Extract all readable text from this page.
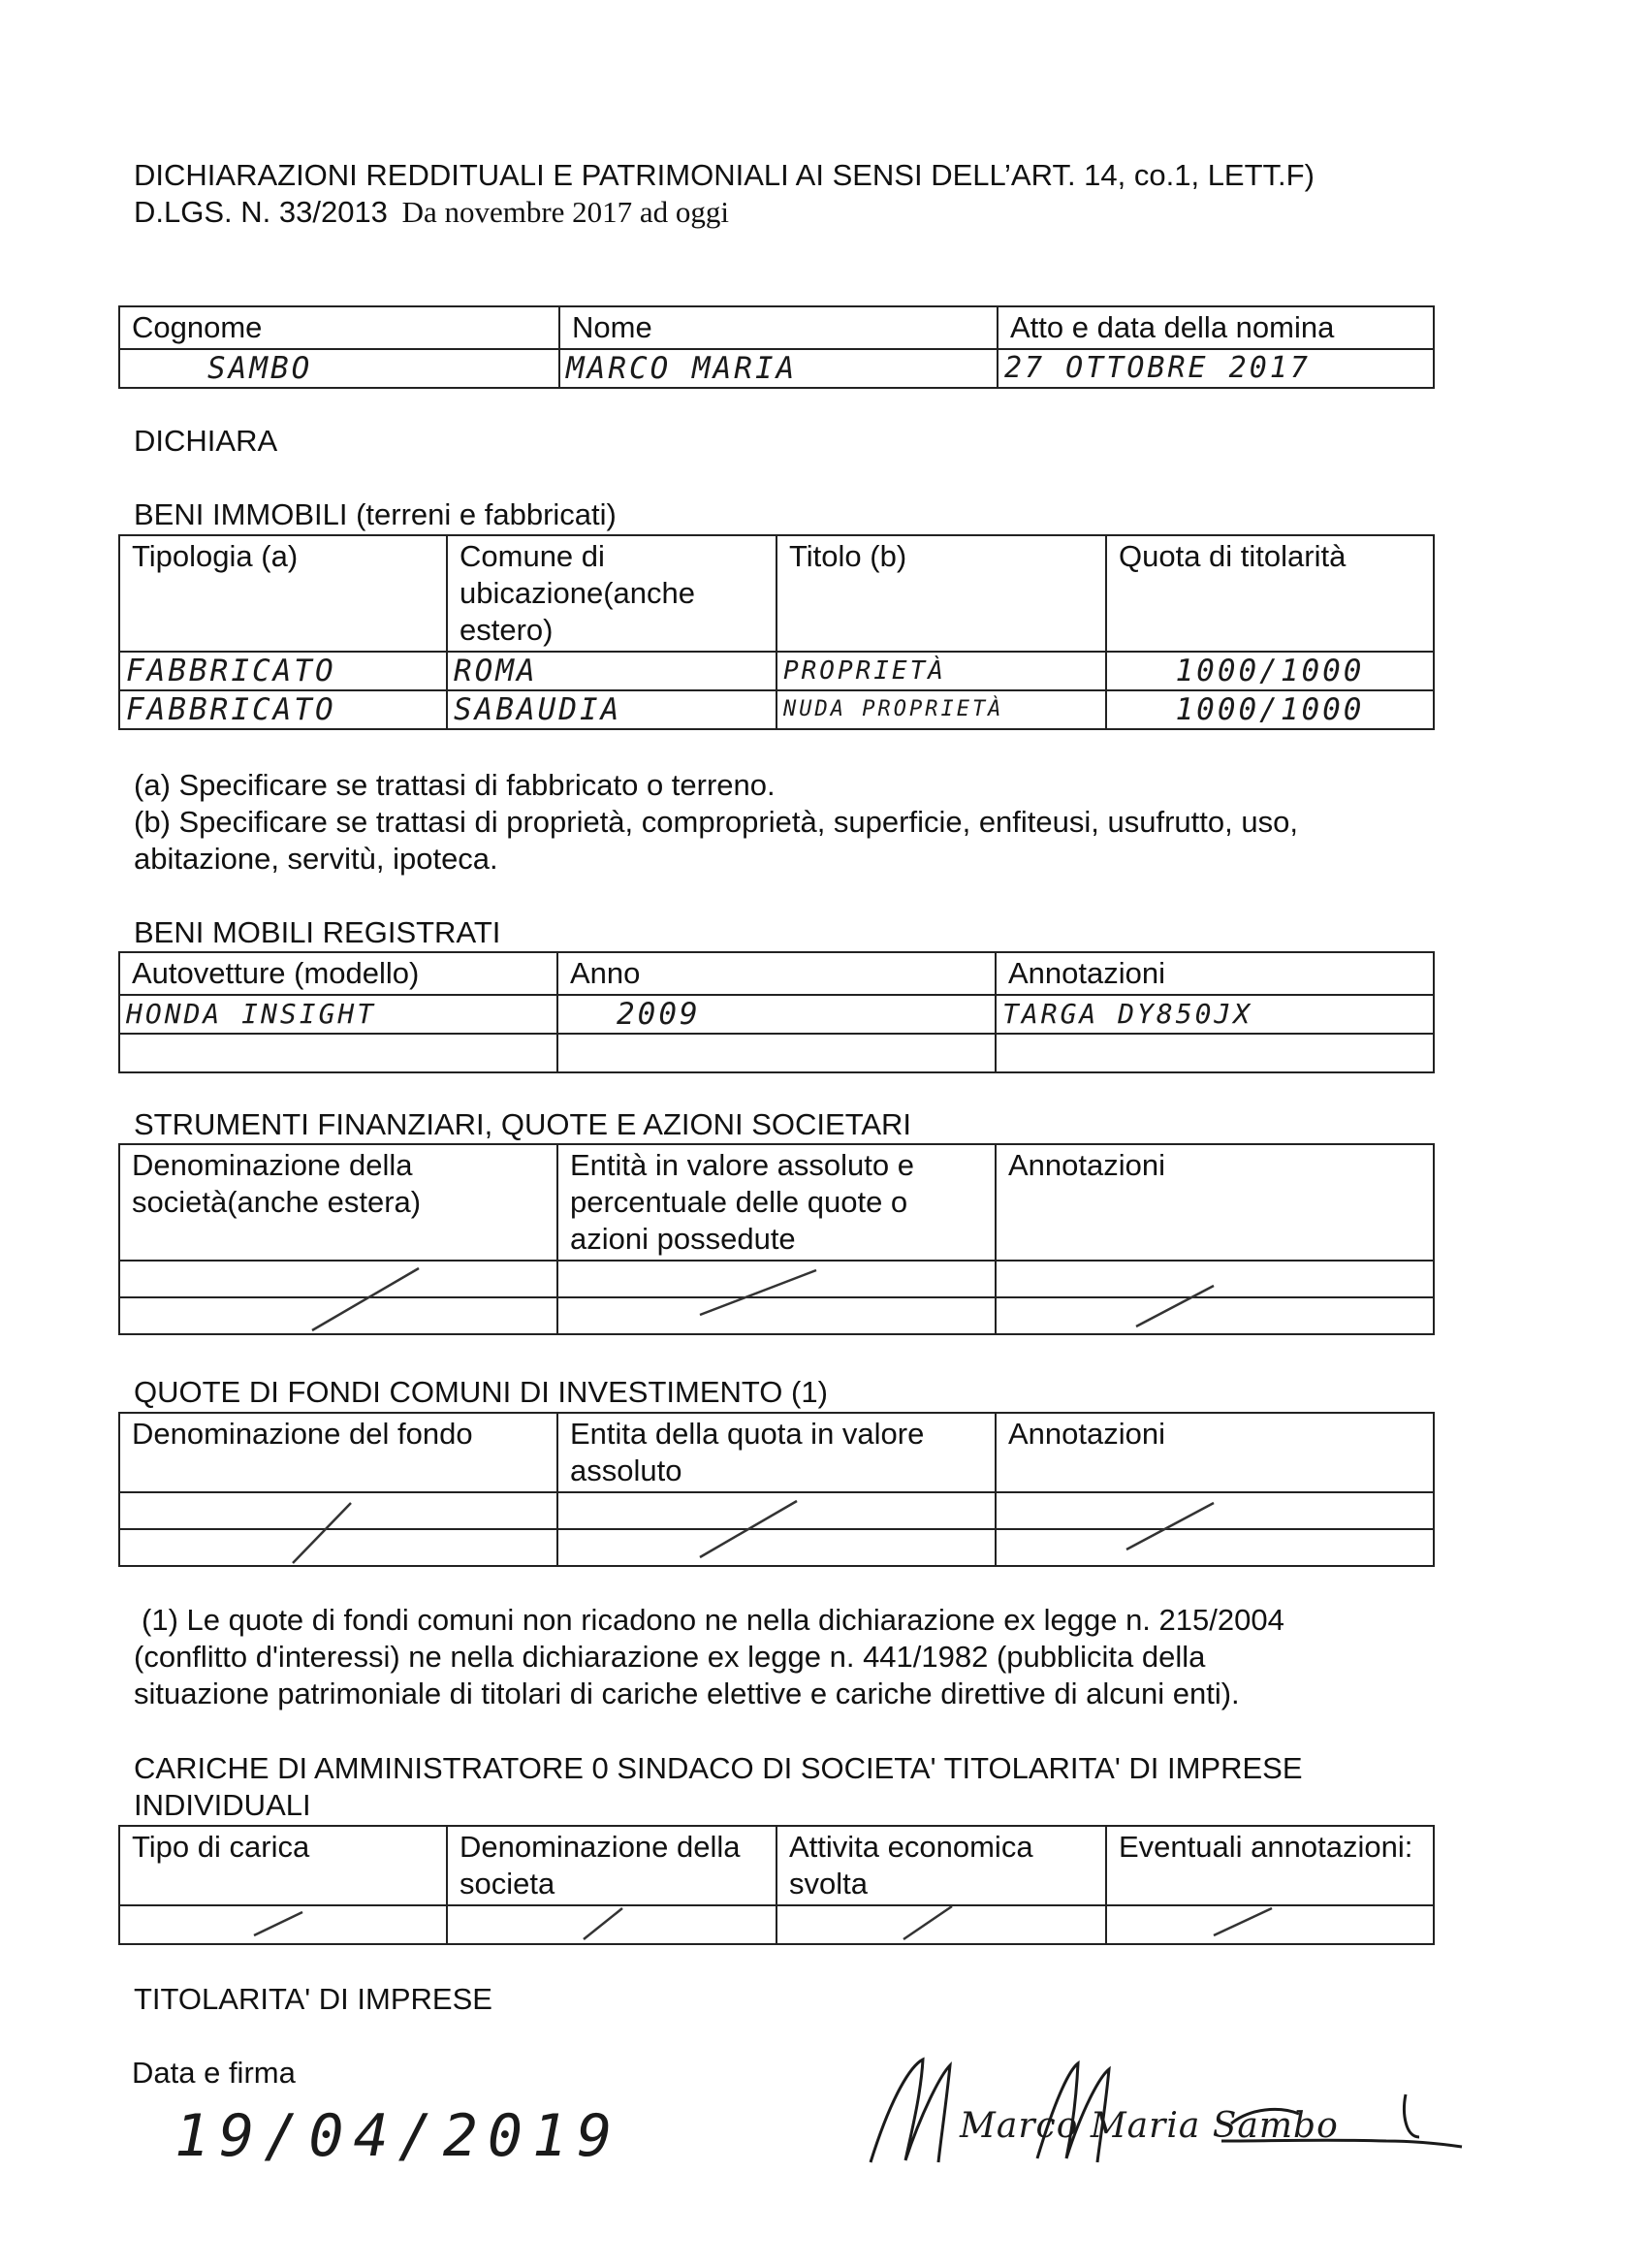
DICHIARAZIONI REDDITUALI E PATRIMONIALI AI SENSI DELL’ART. 14, co.1, LETT.F)
D.LGS. N. 33/2013 Da novembre 2017 ad oggi
Cognome	Nome	Atto e data della nomina
SAMBO	MARCO MARIA	27 OTTOBRE 2017
DICHIARA
BENI IMMOBILI (terreni e fabbricati)
Tipologia (a)	Comune di ubicazione(anche estero)	Titolo (b)	Quota di titolarità
FABBRICATO	ROMA	PROPRIETÀ	1000/1000
FABBRICATO	SABAUDIA	NUDA PROPRIETÀ	1000/1000
(a) Specificare se trattasi di fabbricato o terreno.
(b) Specificare se trattasi di proprietà, comproprietà, superficie, enfiteusi, usufrutto, uso,
abitazione, servitù, ipoteca.
BENI MOBILI REGISTRATI
Autovetture (modello)	Anno	Annotazioni
HONDA INSIGHT	2009	TARGA DY850JX

STRUMENTI FINANZIARI, QUOTE E AZIONI SOCIETARI
Denominazione della società(anche estera)	Entità in valore assoluto e percentuale delle quote o azioni possedute	Annotazioni

QUOTE DI FONDI COMUNI DI INVESTIMENTO (1)
Denominazione del fondo	Entita della quota in valore assoluto	Annotazioni

(1) Le quote di fondi comuni non ricadono ne nella dichiarazione ex legge n. 215/2004
(conflitto d'interessi) ne nella dichiarazione ex legge n. 441/1982 (pubblicita della
situazione patrimoniale di titolari di cariche elettive e cariche direttive di alcuni enti).
CARICHE DI AMMINISTRATORE 0 SINDACO DI SOCIETA' TITOLARITA' DI IMPRESE
INDIVIDUALI
Tipo di carica	Denominazione della societa	Attivita economica svolta	Eventuali annotazioni:

TITOLARITA' DI IMPRESE
Data e firma
19/04/2019	Marco Maria Sambo
